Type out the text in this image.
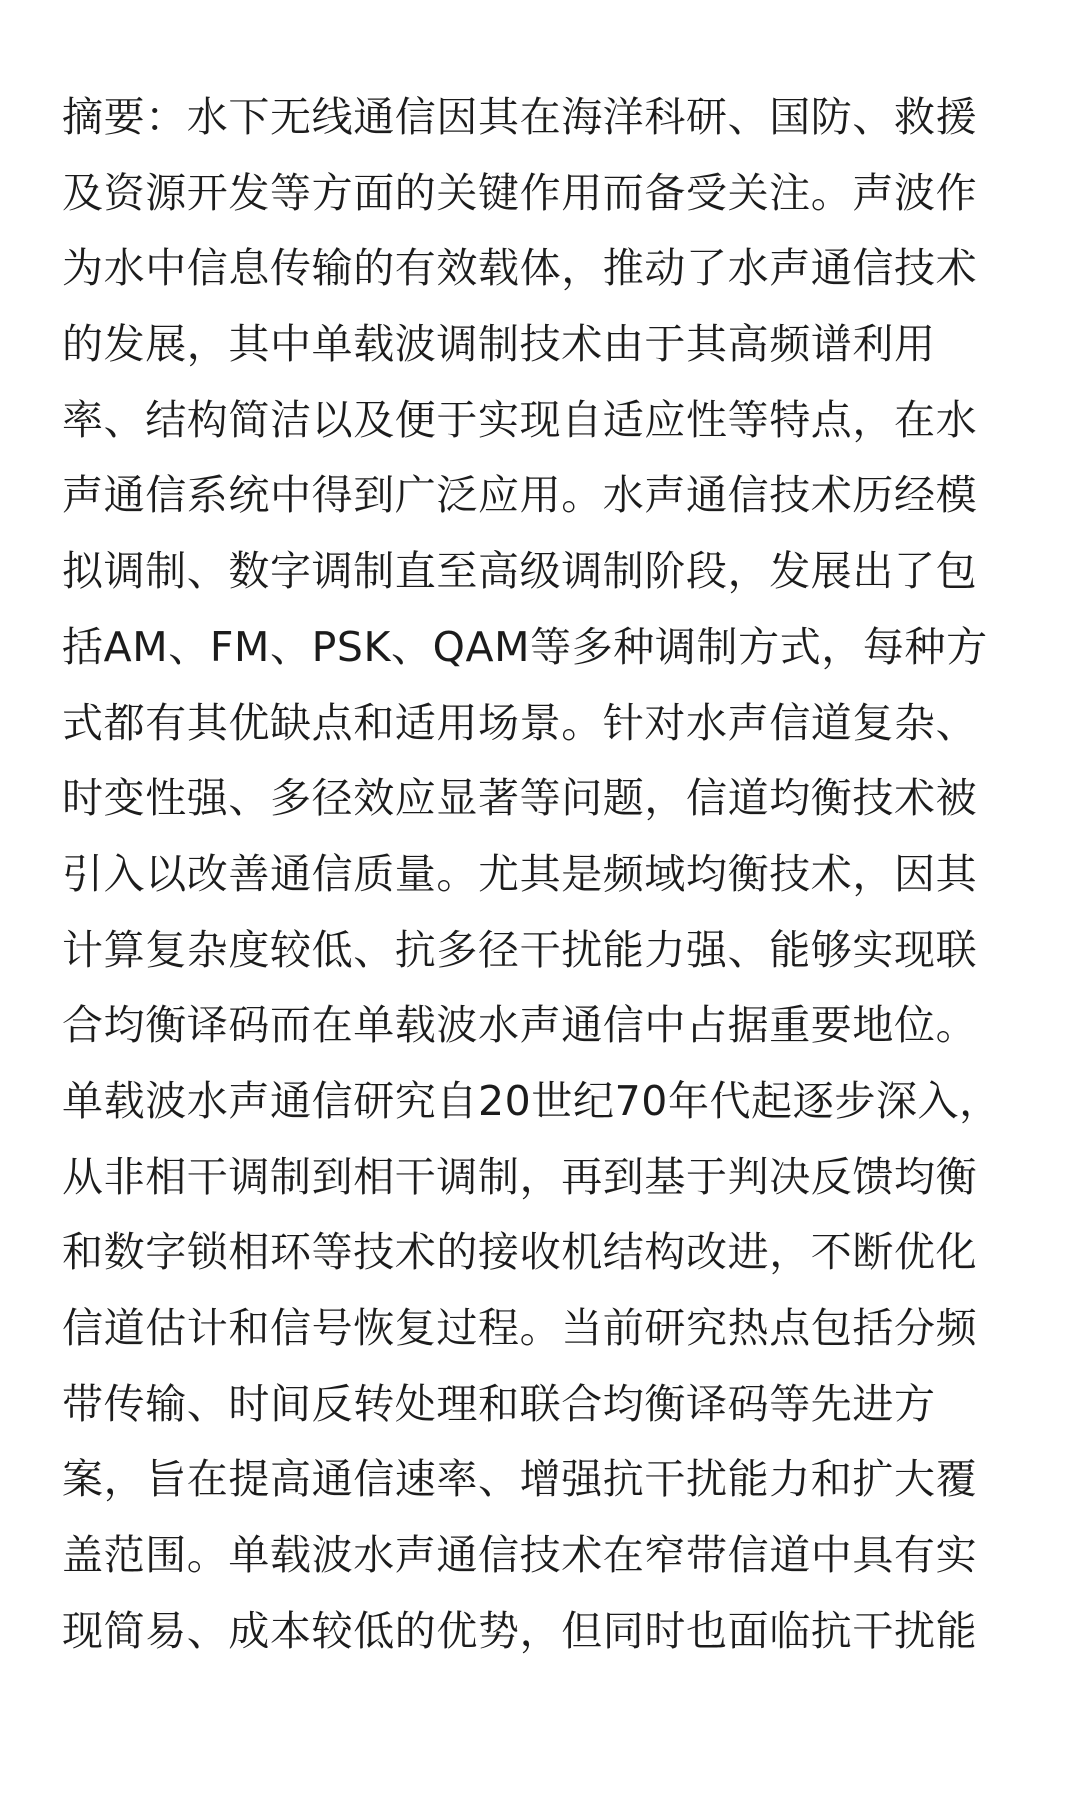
摘要：水下无线通信因其在海洋科研、国防、救援
及资源开发等方面的关键作用而备受关注。声波作
为水中信息传输的有效载体，推动了水声通信技术
的发展，其中单载波调制技术由于其高频谱利用
率、结构简洁以及便于实现自适应性等特点，在水
声通信系统中得到广泛应用。水声通信技术历经模
拟调制、数字调制直至高级调制阶段，发展出了包
括AM、FM、PSK、QAM等多种调制方式，每种方
式都有其优缺点和适用场景。针对水声信道复杂、
时变性强、多径效应显著等问题，信道均衡技术被
引入以改善通信质量。尤其是频域均衡技术，因其
计算复杂度较低、抗多径干扰能力强、能够实现联
合均衡译码而在单载波水声通信中占据重要地位。
单载波水声通信研究自20世纪70年代起逐步深入，
从非相干调制到相干调制，再到基于判决反馈均衡
和数字锁相环等技术的接收机结构改进，不断优化
信道估计和信号恢复过程。当前研究热点包括分频
带传输、时间反转处理和联合均衡译码等先进方
案，旨在提高通信速率、增强抗干扰能力和扩大覆
盖范围。单载波水声通信技术在窄带信道中具有实
现简易、成本较低的优势，但同时也面临抗干扰能
